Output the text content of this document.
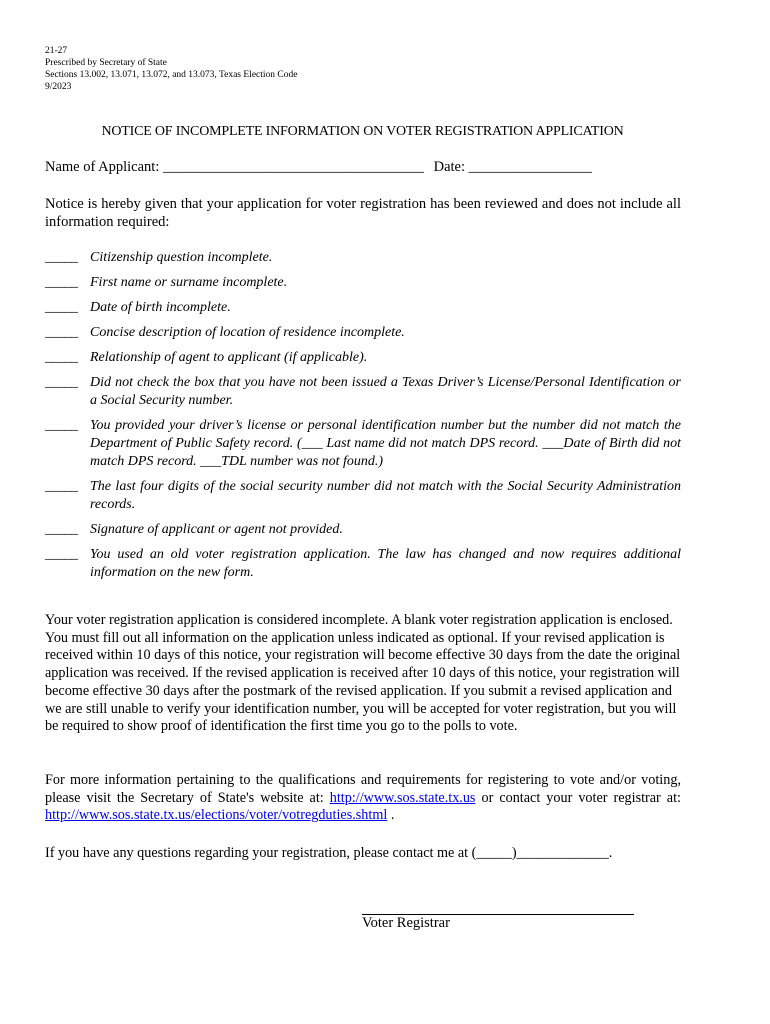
21-27
Prescribed by Secretary of State
Sections 13.002, 13.071, 13.072, and 13.073, Texas Election Code
9/2023
NOTICE OF INCOMPLETE INFORMATION ON VOTER REGISTRATION APPLICATION
Name of Applicant: ____________________________________ Date: _________________
Notice is hereby given that your application for voter registration has been reviewed and does not include all information required:
_____ Citizenship question incomplete.
_____ First name or surname incomplete.
_____ Date of birth incomplete.
_____ Concise description of location of residence incomplete.
_____ Relationship of agent to applicant (if applicable).
_____ Did not check the box that you have not been issued a Texas Driver’s License/Personal Identification or a Social Security number.
_____ You provided your driver’s license or personal identification number but the number did not match the Department of Public Safety record. (___ Last name did not match DPS record. ___Date of Birth did not match DPS record. ___TDL number was not found.)
_____ The last four digits of the social security number did not match with the Social Security Administration records.
_____ Signature of applicant or agent not provided.
_____ You used an old voter registration application. The law has changed and now requires additional information on the new form.
Your voter registration application is considered incomplete. A blank voter registration application is enclosed. You must fill out all information on the application unless indicated as optional. If your revised application is received within 10 days of this notice, your registration will become effective 30 days from the date the original application was received. If the revised application is received after 10 days of this notice, your registration will become effective 30 days after the postmark of the revised application. If you submit a revised application and we are still unable to verify your identification number, you will be accepted for voter registration, but you will be required to show proof of identification the first time you go to the polls to vote.
For more information pertaining to the qualifications and requirements for registering to vote and/or voting, please visit the Secretary of State's website at: http://www.sos.state.tx.us or contact your voter registrar at: http://www.sos.state.tx.us/elections/voter/votregduties.shtml .
If you have any questions regarding your registration, please contact me at (_____)_____________.
Voter Registrar
